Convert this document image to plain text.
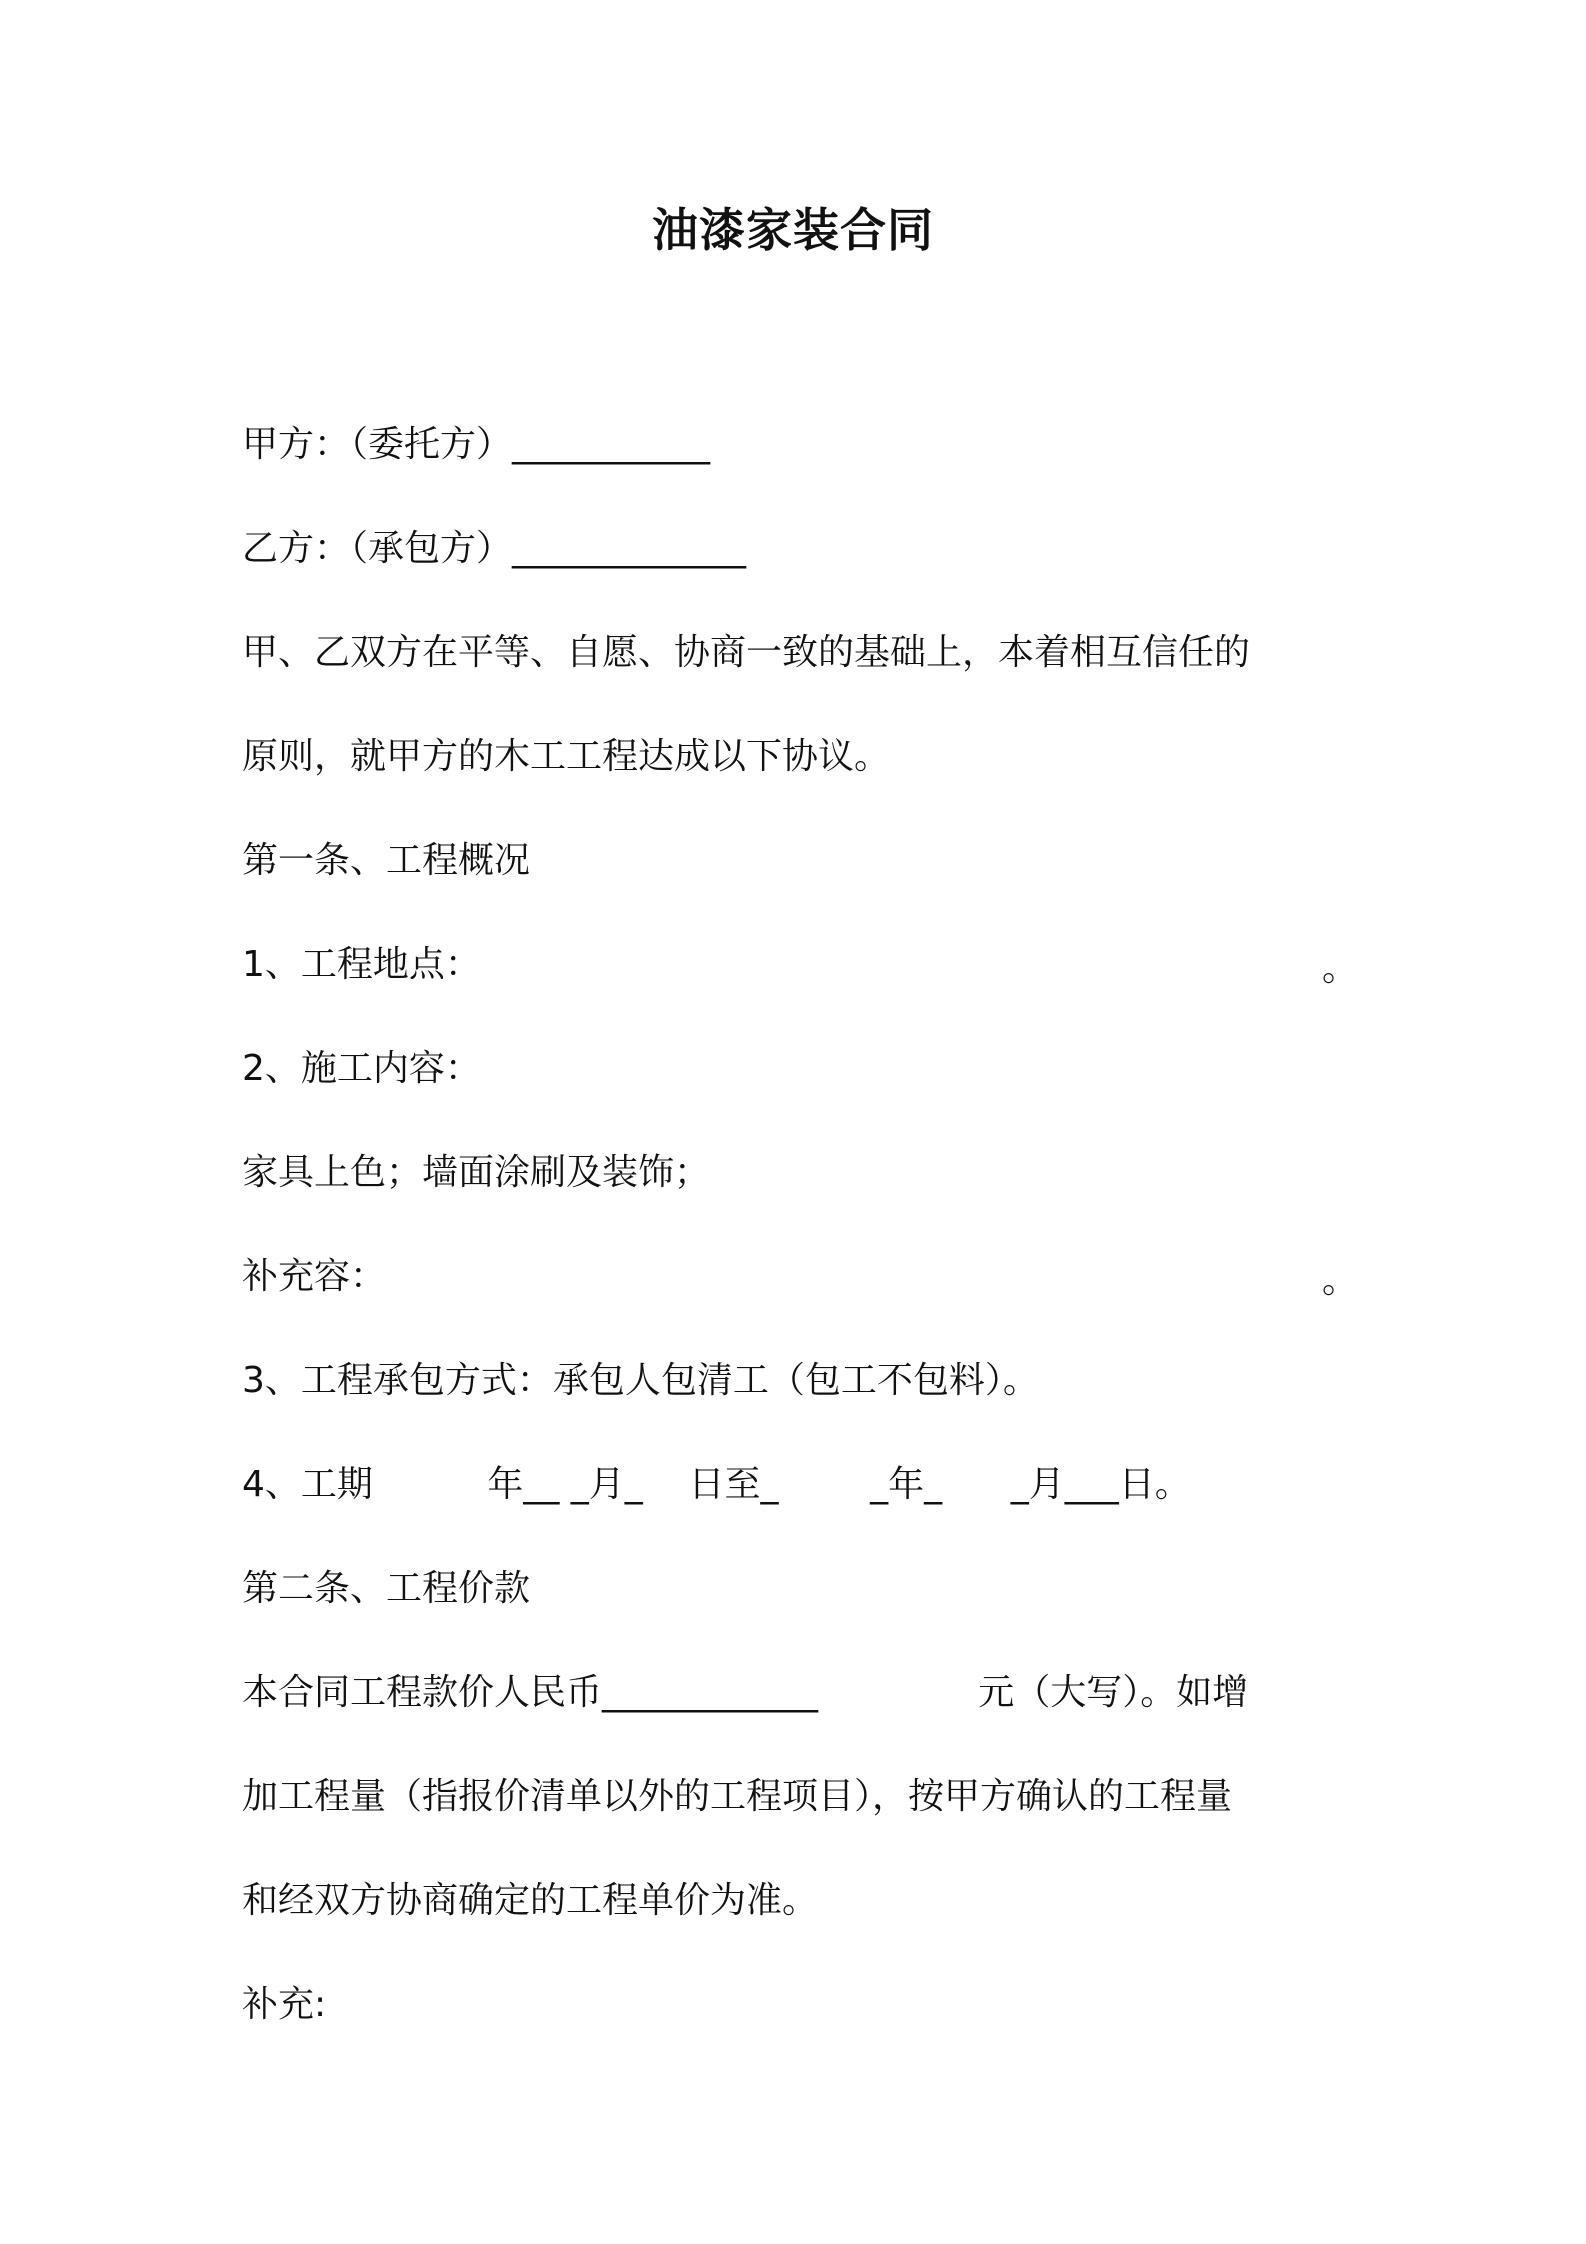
油漆家装合同
甲方：（委托方）___________
乙方：（承包方）_____________
甲、乙双方在平等、自愿、协商一致的基础上，本着相互信任的
原则，就甲方的木工工程达成以下协议。
第一条、工程概况
1、工程地点：	。
2、施工内容：
家具上色；墙面涂刷及装饰；
补充容：	。
3、工程承包方式：承包人包清工（包工不包料）。
4、工期          年__ _月_    日至_        _年_      _月___日。
第二条、工程价款
本合同工程款价人民币____________              元（大写）。如增
加工程量（指报价清单以外的工程项目），按甲方确认的工程量
和经双方协商确定的工程单价为准。
补充:
